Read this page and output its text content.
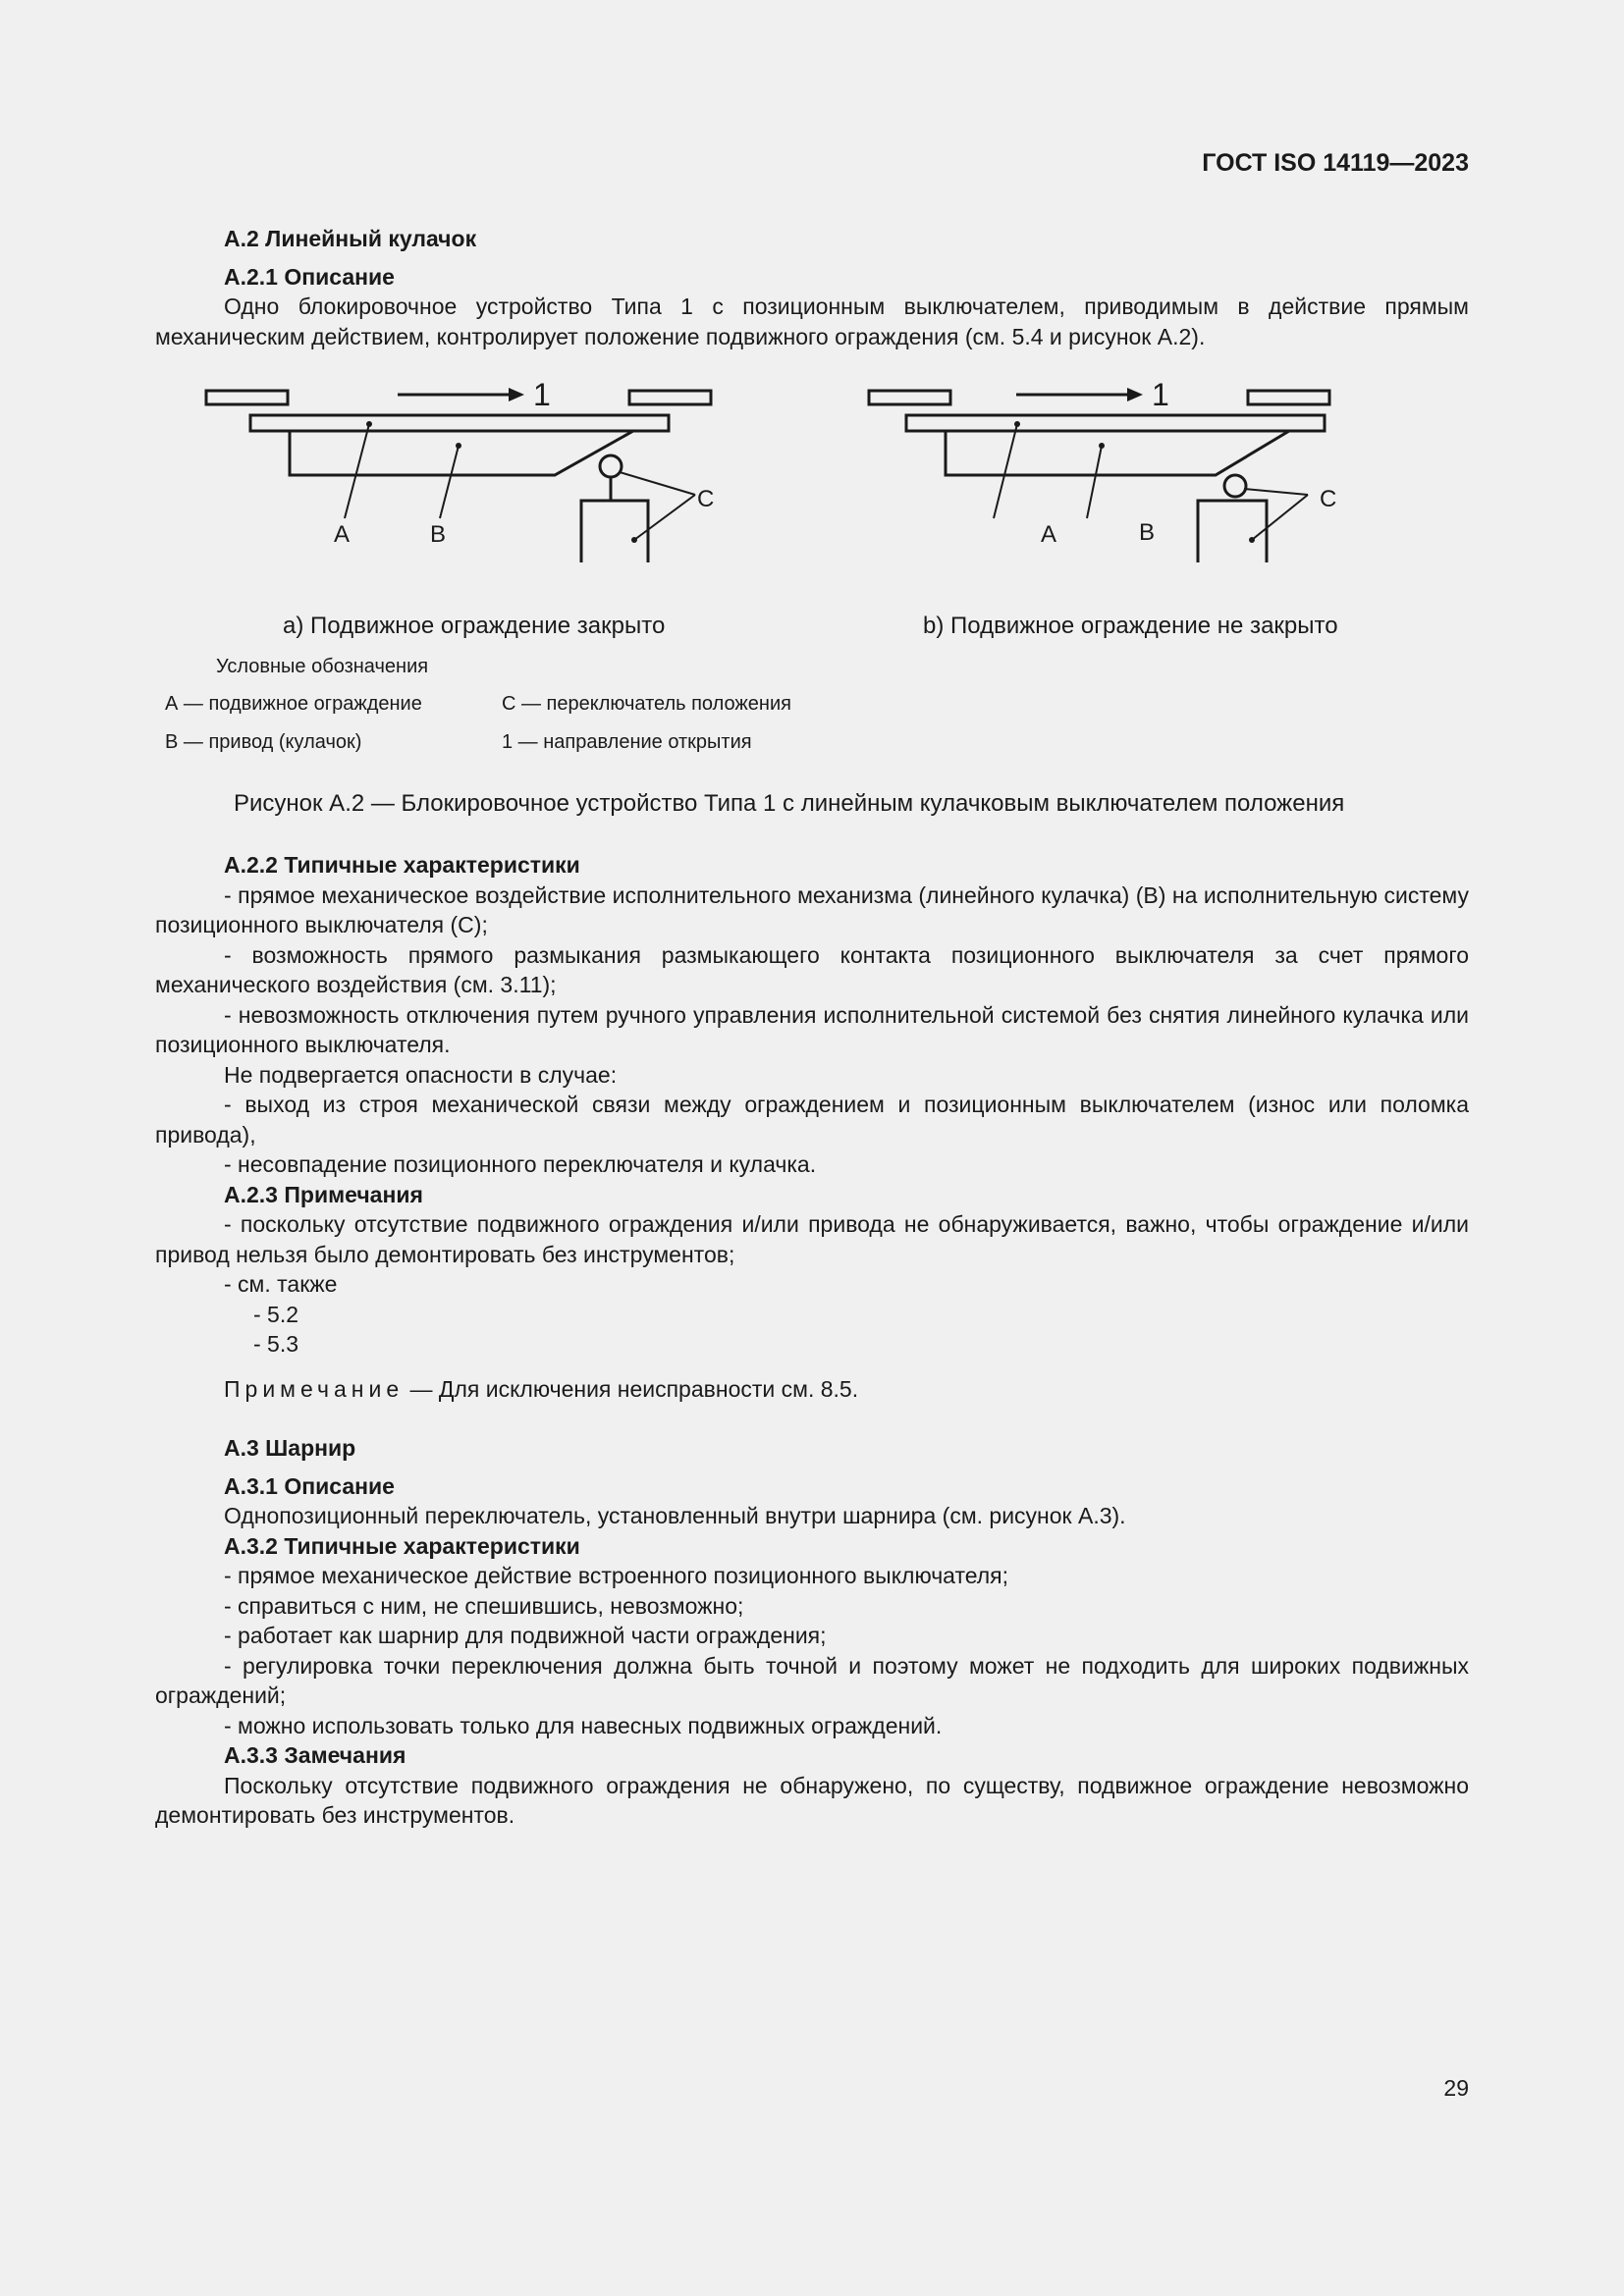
ГОСТ ISO 14119—2023
А.2 Линейный кулачок
А.2.1 Описание

Одно блокировочное устройство Типа 1 с позиционным выключателем, приводимым в действие прямым механическим действием, контролирует положение подвижного ограждения (см. 5.4 и рисунок А.2).

1
A	B
C
1
A	B
C
a) Подвижное ограждение закрыто	b) Подвижное ограждение не закрыто
Условные обозначения
А — подвижное ограждение	С — переключатель положения
В — привод (кулачок)	1 — направление открытия
Рисунок А.2 — Блокировочное устройство Типа 1 с линейным кулачковым выключателем положения
А.2.2 Типичные характеристики

- прямое механическое воздействие исполнительного механизма (линейного кулачка) (В) на исполнительную систему позиционного выключателя (С);

- возможность прямого размыкания размыкающего контакта позиционного выключателя за счет прямого механического воздействия (см. 3.11);

- невозможность отключения путем ручного управления исполнительной системой без снятия линейного кулачка или позиционного выключателя.

Не подвергается опасности в случае:

- выход из строя механической связи между ограждением и позиционным выключателем (износ или поломка привода),

- несовпадение позиционного переключателя и кулачка.

А.2.3 Примечания

- поскольку отсутствие подвижного ограждения и/или привода не обнаруживается, важно, чтобы ограждение и/или привод нельзя было демонтировать без инструментов;

- см. также

- 5.2

- 5.3

Примечание — Для исключения неисправности см. 8.5.

А.3 Шарнир
А.3.1 Описание

Однопозиционный переключатель, установленный внутри шарнира (см. рисунок А.3).

А.3.2 Типичные характеристики

- прямое механическое действие встроенного позиционного выключателя;

- справиться с ним, не спешившись, невозможно;

- работает как шарнир для подвижной части ограждения;

- регулировка точки переключения должна быть точной и поэтому может не подходить для широких подвижных ограждений;

- можно использовать только для навесных подвижных ограждений.

А.3.3 Замечания

Поскольку отсутствие подвижного ограждения не обнаружено, по существу, подвижное ограждение невозможно демонтировать без инструментов.

29
